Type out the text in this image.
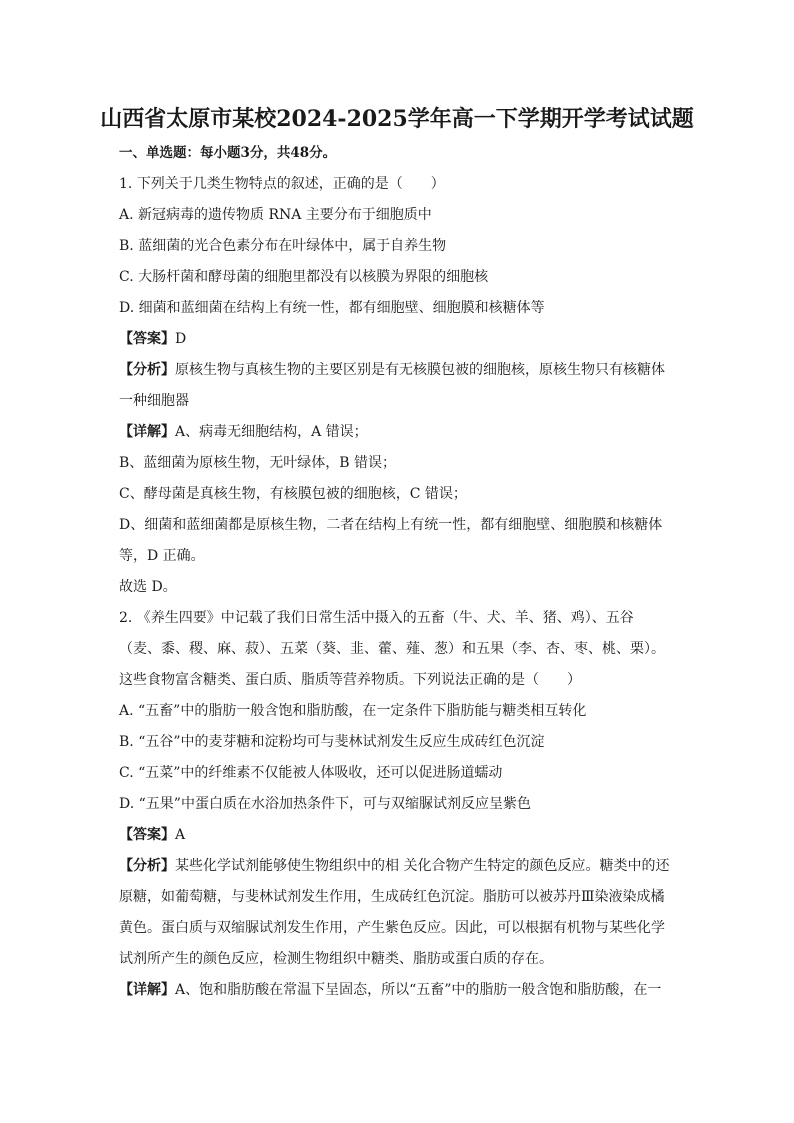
山西省太原市某校2024-2025学年高一下学期开学考试试题
一、单选题：每小题3分，共48分。
1. 下列关于几类生物特点的叙述，正确的是（　　）
A. 新冠病毒的遗传物质 RNA 主要分布于细胞质中
B. 蓝细菌的光合色素分布在叶绿体中，属于自养生物
C. 大肠杆菌和酵母菌的细胞里都没有以核膜为界限的细胞核
D. 细菌和蓝细菌在结构上有统一性，都有细胞壁、细胞膜和核糖体等
【答案】D
【分析】原核生物与真核生物的主要区别是有无核膜包被的细胞核，原核生物只有核糖体
一种细胞器
【详解】A、病毒无细胞结构，A 错误；
B、蓝细菌为原核生物，无叶绿体，B 错误；
C、酵母菌是真核生物，有核膜包被的细胞核，C 错误；
D、细菌和蓝细菌都是原核生物，二者在结构上有统一性，都有细胞壁、细胞膜和核糖体
等，D 正确。
故选 D。
2. 《养生四要》中记载了我们日常生活中摄入的五畜（牛、犬、羊、猪、鸡）、五谷
（麦、黍、稷、麻、菽）、五菜（葵、韭、藿、薤、葱）和五果（李、杏、枣、桃、栗）。
这些食物富含糖类、蛋白质、脂质等营养物质。下列说法正确的是（　　）
A. “五畜”中的脂肪一般含饱和脂肪酸，在一定条件下脂肪能与糖类相互转化
B. “五谷”中的麦芽糖和淀粉均可与斐林试剂发生反应生成砖红色沉淀
C. “五菜”中的纤维素不仅能被人体吸收，还可以促进肠道蠕动
D. “五果”中蛋白质在水浴加热条件下，可与双缩脲试剂反应呈紫色
【答案】A
【分析】某些化学试剂能够使生物组织中的相 关化合物产生特定的颜色反应。糖类中的还
原糖，如葡萄糖，与斐林试剂发生作用，生成砖红色沉淀。脂肪可以被苏丹Ⅲ染液染成橘
黄色。蛋白质与双缩脲试剂发生作用，产生紫色反应。因此，可以根据有机物与某些化学
试剂所产生的颜色反应，检测生物组织中糖类、脂肪或蛋白质的存在。
【详解】A、饱和脂肪酸在常温下呈固态，所以“五畜”中的脂肪一般含饱和脂肪酸，在一
